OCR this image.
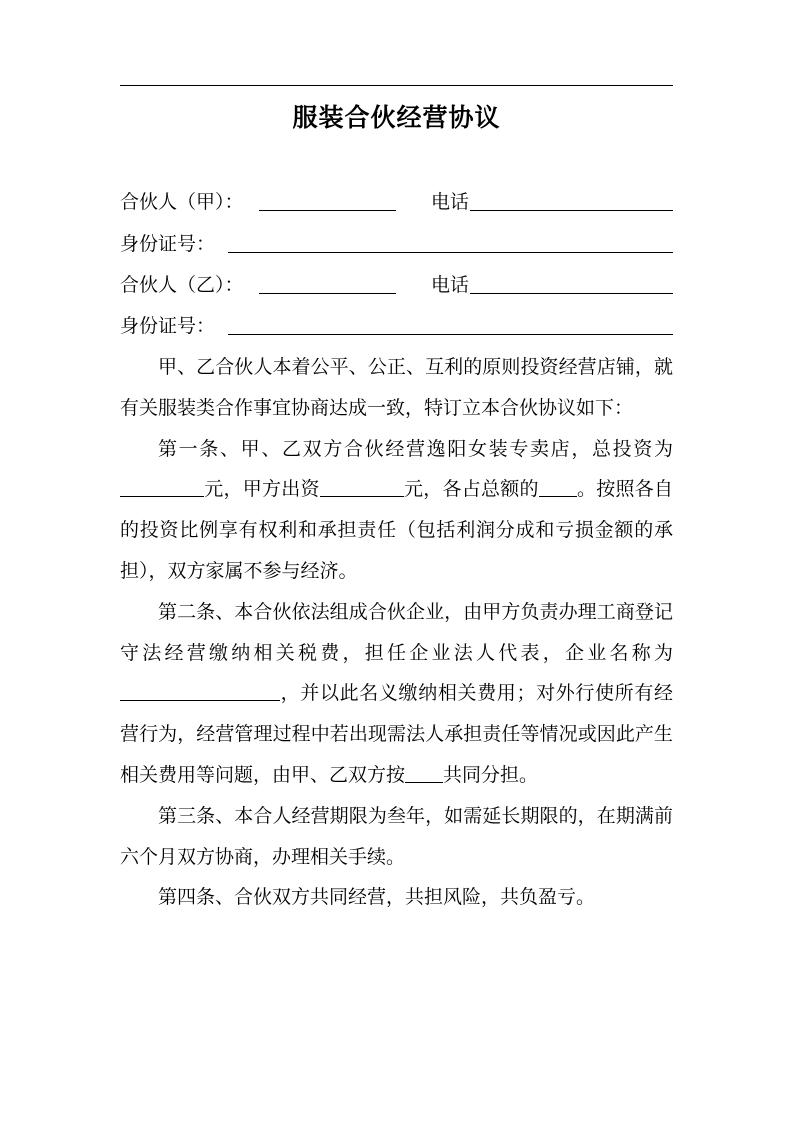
服装合伙经营协议
合伙人（甲）：	电话
身份证号：
合伙人（乙）：	电话
身份证号：

甲、乙合伙人本着公平、公正、互利的原则投资经营店铺，就有关服装类合作事宜协商达成一致，特订立本合伙协议如下：

第一条、甲、乙双方合伙经营逸阳女装专卖店，总投资为元，甲方出资	元，各占总额的 。按照各自的投资比例享有权利和承担责任（包括利润分成和亏损金额的承担），双方家属不参与经济。

第二条、本合伙依法组成合伙企业，由甲方负责办理工商登记守法经营缴纳相关税费，担任企业法人代表，企业名称为，并以此名义缴纳相关费用；对外行使所有经营行为，经营管理过程中若出现需法人承担责任等情况或因此产生相关费用等问题，由甲、乙双方按 共同分担。

第三条、本合人经营期限为叁年，如需延长期限的，在期满前六个月双方协商，办理相关手续。

第四条、合伙双方共同经营，共担风险，共负盈亏。
